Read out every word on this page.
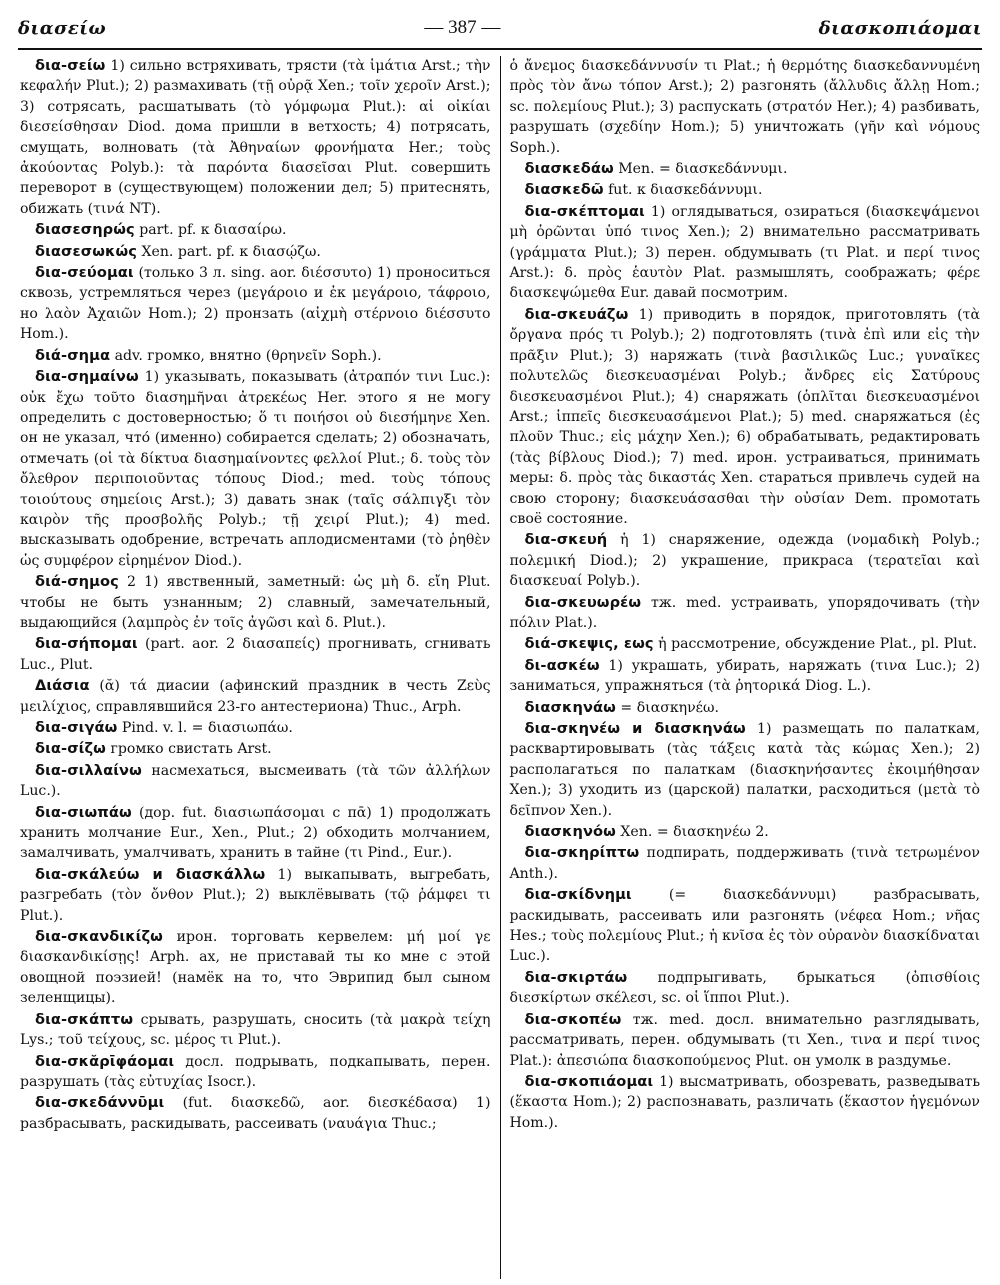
διασείω	— 387 —	διασκοπιάομαι

δια-σείω 1) сильно встряхивать, трясти (τὰ ἱμάτια Arst.; τὴν κεφαλήν Plut.); 2) размахивать (τῇ οὐρᾷ Xen.; τοῖν χεροῖν Arst.); 3) сотрясать, расшатывать (τὸ γόμφωμα Plut.): αἱ οἰκίαι διεσείσθησαν Diod. дома пришли в ветхость; 4) потрясать, смущать, волновать (τὰ Ἀθηναίων φρονήματα Her.; τοὺς ἀκούοντας Polyb.): τὰ παρόντα διασεῖσαι Plut. совершить переворот в (существующем) положении дел; 5) притеснять, обижать (τινά NT).

διασεσηρώς part. pf. к διασαίρω.

διασεσωκώς Xen. part. pf. к διασῴζω.

δια-σεύομαι (только 3 л. sing. aor. διέσσυτο) 1) проноситься сквозь, устремляться через (μεγάροιο и ἐκ μεγάροιο, τάφροιο, но λαὸν Ἀχαιῶν Hom.); 2) пронзать (αἰχμὴ στέρνοιο διέσσυτο Hom.).

διά-σημα adv. громко, внятно (θρηνεῖν Soph.).

δια-σημαίνω 1) указывать, показывать (ἀτραπόν τινι Luc.): οὐκ ἔχω τοῦτο διασημῆναι ἀτρεκέως Her. этого я не могу определить с достоверностью; ὅ τι ποιήσοι οὐ διεσήμηνε Xen. он не указал, что́ (именно) собирается сделать; 2) обозначать, отмечать (οἱ τὰ δίκτυα διασημαίνοντες φελλοί Plut.; δ. τοὺς τὸν ὄλεθρον περιποιοῦντας τόπους Diod.; med. τοὺς τόπους τοιούτους σημείοις Arst.); 3) давать знак (ταῖς σάλπιγξι τὸν καιρὸν τῆς προσβολῆς Polyb.; τῇ χειρί Plut.); 4) med. высказывать одобрение, встречать аплодисментами (τὸ ῥηθὲν ὡς συμφέρον εἰρημένον Diod.).

διά-σημος 2 1) явственный, заметный: ὡς μὴ δ. εἴη Plut. чтобы не быть узнанным; 2) славный, замечательный, выдающийся (λαμπρὸς ἐν τοῖς ἀγῶσι καὶ δ. Plut.).

δια-σήπομαι (part. aor. 2 διασαπείς) прогнивать, сгнивать Luc., Plut.

Διάσια (ᾰ) τά диасии (афинский праздник в честь Ζεὺς μειλίχιος, справлявшийся 23-го антестериона) Thuc., Arph.

δια-σιγάω Pind. v. l. = διασιωπάω.

δια-σίζω громко свистать Arst.

δια-σιλλαίνω насмехаться, высмеивать (τὰ τῶν ἀλλήλων Luc.).

δια-σιωπάω (дор. fut. διασιωπάσομαι с πᾱ) 1) продолжать хранить молчание Eur., Xen., Plut.; 2) обходить молчанием, замалчивать, умалчивать, хранить в тайне (τι Pind., Eur.).

δια-σκάλεύω и διασκάλλω 1) выкапывать, выгребать, разгребать (τὸν ὄνθον Plut.); 2) выклёвывать (τῷ ῥάμφει τι Plut.).

δια-σκανδικίζω ирон. торговать кервелем: μή μοί γε διασκανδικίσῃς! Arph. ах, не приставай ты ко мне с этой овощной поэзией! (намёк на то, что Эврипид был сыном зеленщицы).

δια-σκάπτω срывать, разрушать, сносить (τὰ μακρὰ τείχη Lys.; τοῦ τείχους, sc. μέρος τι Plut.).

δια-σκᾰρῑφάομαι досл. подрывать, подкапывать, перен. разрушать (τὰς εὐτυχίας Isocr.).

δια-σκεδάννῡμι (fut. διασκεδῶ, aor. διεσκέδασα) 1) разбрасывать, раскидывать, рассеивать (ναυάγια Thuc.;

ὁ ἄνεμος διασκεδάννυσίν τι Plat.; ἡ θερμότης διασκεδαννυμένη πρὸς τὸν ἄνω τόπον Arst.); 2) разгонять (ἄλλυδις ἄλλῃ Hom.; sc. πολεμίους Plut.); 3) распускать (στρατόν Her.); 4) разбивать, разрушать (σχεδίην Hom.); 5) уничтожать (γῆν καὶ νόμους Soph.).

διασκεδάω Men. = διασκεδάννυμι.

διασκεδῶ fut. к διασκεδάννυμι.

δια-σκέπτομαι 1) оглядываться, озираться (διασκεψάμενοι μὴ ὁρῶνται ὑπό τινος Xen.); 2) внимательно рассматривать (γράμματα Plut.); 3) перен. обдумывать (τι Plat. и περί τινος Arst.): δ. πρὸς ἑαυτὸν Plat. размышлять, соображать; φέρε διασκεψώμεθα Eur. давай посмотрим.

δια-σκευάζω 1) приводить в порядок, приготовлять (τὰ ὄργανα πρός τι Polyb.); 2) подготовлять (τινὰ ἐπὶ или εἰς τὴν πρᾶξιν Plut.); 3) наряжать (τινὰ βασιλικῶς Luc.; γυναῖκες πολυτελῶς διεσκευασμέναι Polyb.; ἄνδρες εἰς Σατύρους διεσκευασμένοι Plut.); 4) снаряжать (ὁπλῖται διεσκευασμένοι Arst.; ἱππεῖς διεσκευασάμενοι Plat.); 5) med. снаряжаться (ἐς πλοῦν Thuc.; εἰς μάχην Xen.); 6) обрабатывать, редактировать (τὰς βίβλους Diod.); 7) med. ирон. устраиваться, принимать меры: δ. πρὸς τὰς δικαστάς Xen. стараться привлечь судей на свою сторону; διασκευάσασθαι τὴν οὐσίαν Dem. промотать своё состояние.

δια-σκευή ἡ 1) снаряжение, одежда (νομαδικὴ Polyb.; πολεμική Diod.); 2) украшение, прикраса (τερατεῖαι καὶ διασκευαί Polyb.).

δια-σκευωρέω тж. med. устраивать, упорядочивать (τὴν πόλιν Plat.).

διά-σκεψις, εως ἡ рассмотрение, обсуждение Plat., pl. Plut.

δι-ασκέω 1) украшать, убирать, наряжать (τινα Luc.); 2) заниматься, упражняться (τὰ ῥητορικά Diog. L.).

διασκηνάω = διασκηνέω.

δια-σκηνέω и διασκηνάω 1) размещать по палаткам, расквартировывать (τὰς τάξεις κατὰ τὰς κώμας Xen.); 2) располагаться по палаткам (διασκηνήσαντες ἐκοιμήθησαν Xen.); 3) уходить из (царской) палатки, расходиться (μετὰ τὸ δεῖπνον Xen.).

διασκηνόω Xen. = διασκηνέω 2.

δια-σκηρίπτω подпирать, поддерживать (τινὰ τετρωμένον Anth.).

δια-σκίδνημι (= διασκεδάννυμι) разбрасывать, раскидывать, рассеивать или разгонять (νέφεα Hom.; νῆας Hes.; τοὺς πολεμίους Plut.; ἡ κνῖσα ἐς τὸν οὐρανὸν διασκίδναται Luc.).

δια-σκιρτάω подпрыгивать, брыкаться (ὀπισθίοις διεσκίρτων σκέλεσι, sc. οἱ ἵπποι Plut.).

δια-σκοπέω тж. med. досл. внимательно разглядывать, рассматривать, перен. обдумывать (τι Xen., τινα и περί τινος Plat.): ἀπεσιώπα διασκοπούμενος Plut. он умолк в раздумье.

δια-σκοπιάομαι 1) высматривать, обозревать, разведывать (ἕκαστα Hom.); 2) распознавать, различать (ἕκαστον ἡγεμόνων Hom.).
